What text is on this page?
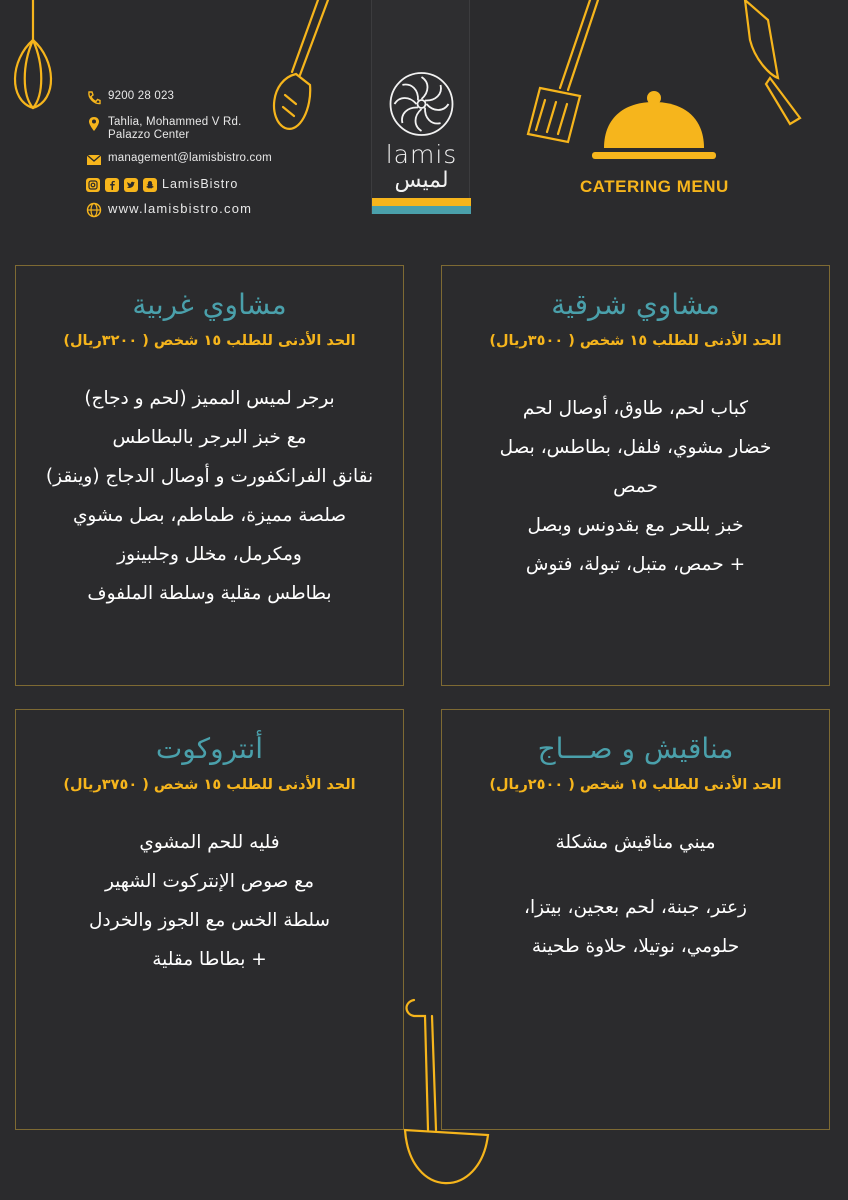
9200 28 023
Tahlia, Mohammed V Rd.
Palazzo Center
management@lamisbistro.com
LamisBistro
www.lamisbistro.com
lamis
لميس	CATERING MENU
مشاوي شرقية
الحد الأدنى للطلب ١٥ شخص ( ٣٥٠٠ريال)
كباب لحم، طاوق، أوصال لحم
خضار مشوي، فلفل، بطاطس، بصل
حمص
خبز بللحر مع بقدونس وبصل
+ حمص، متبل، تبولة، فتوش
مشاوي غربية
الحد الأدنى للطلب ١٥ شخص ( ٣٢٠٠ريال)
برجر لميس المميز (لحم و دجاج)
مع خبز البرجر بالبطاطس
نقانق الفرانكفورت و أوصال الدجاج (وينقز)
صلصة مميزة، طماطم، بصل مشوي
ومكرمل، مخلل وجلبينوز
بطاطس مقلية وسلطة الملفوف
مناقيش و صـــاج
الحد الأدنى للطلب ١٥ شخص ( ٢٥٠٠ريال)
ميني مناقيش مشكلة
زعتر، جبنة، لحم بعجين، بيتزا،
حلومي، نوتيلا، حلاوة طحينة
أنتروكوت
الحد الأدنى للطلب ١٥ شخص ( ٣٧٥٠ريال)
فليه للحم المشوي
مع صوص الإنتركوت الشهير
سلطة الخس مع الجوز والخردل
+ بطاطا مقلية
